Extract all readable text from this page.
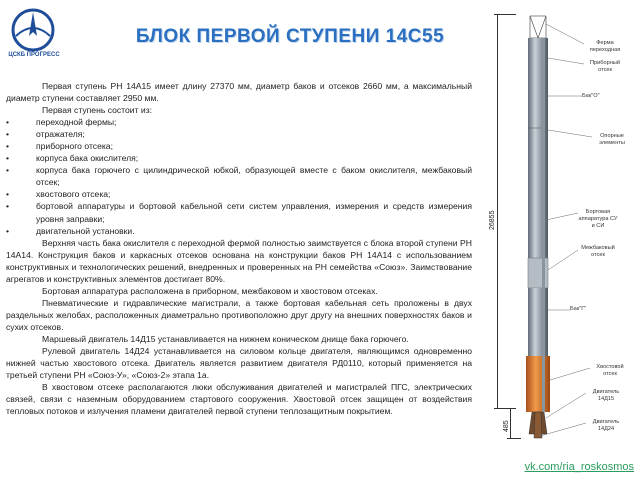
ЦСКБ ПРОГРЕСС
БЛОК ПЕРВОЙ СТУПЕНИ 14С55

Первая ступень РН 14А15 имеет длину 27370 мм, диаметр баков и отсеков 2660 мм, а максимальный диаметр ступени составляет 2950 мм.

Первая ступень состоит из:

•	переходной фермы;
•	отражателя;
•	приборного отсека;
•	корпуса бака окислителя;
•	корпуса бака горючего с цилиндрической юбкой, образующей вместе с баком окислителя, межбаковый отсек;
•	хвостового отсека;
•	бортовой аппаратуры и бортовой кабельной сети систем управления, измерения и средств измерения уровня заправки;
•	двигательной установки.

Верхняя часть бака окислителя с переходной фермой полностью заимствуется с блока второй ступени РН 14А14. Конструкция баков и каркасных отсеков основана на конструкции баков РН 14А14 с использованием конструктивных и технологических решений, внедренных и проверенных на РН семейства «Союз». Заимствование агрегатов и конструктивных элементов достигает 80%.

Бортовая аппаратура расположена в приборном, межбаковом и хвостовом отсеках.

Пневматические и гидравлические магистрали, а также бортовая кабельная сеть проложены в двух раздельных желобах, расположенных диаметрально противоположно друг другу на внешних поверхностях баков и сухих отсеков.

Маршевый двигатель 14Д15 устанавливается на нижнем коническом днище бака горючего.

Рулевой двигатель 14Д24 устанавливается на силовом кольце двигателя, являющимся одновременно нижней частью хвостового отсека. Двигатель является развитием двигателя РД0110, который применяется на третьей ступени РН «Союз-У», «Союз-2» этапа 1а.

В хвостовом отсеке располагаются люки обслуживания двигателей и магистралей ПГС, электрических связей, связи с наземным оборудованием стартового сооружения. Хвостовой отсек защищен от воздействия тепловых потоков и излучения пламени двигателей первой ступени теплозащитным покрытием.

26855
485
Ферма переходная
Приборный отсек
Бак"О"
Опорные элементы
Бортовая аппаратура СУ и СИ
Межбаковый отсек
Бак"Г"
Хвостовой отсек
Двигатель 14Д15
Двигатель 14Д24
vk.com/ria_roskosmos
